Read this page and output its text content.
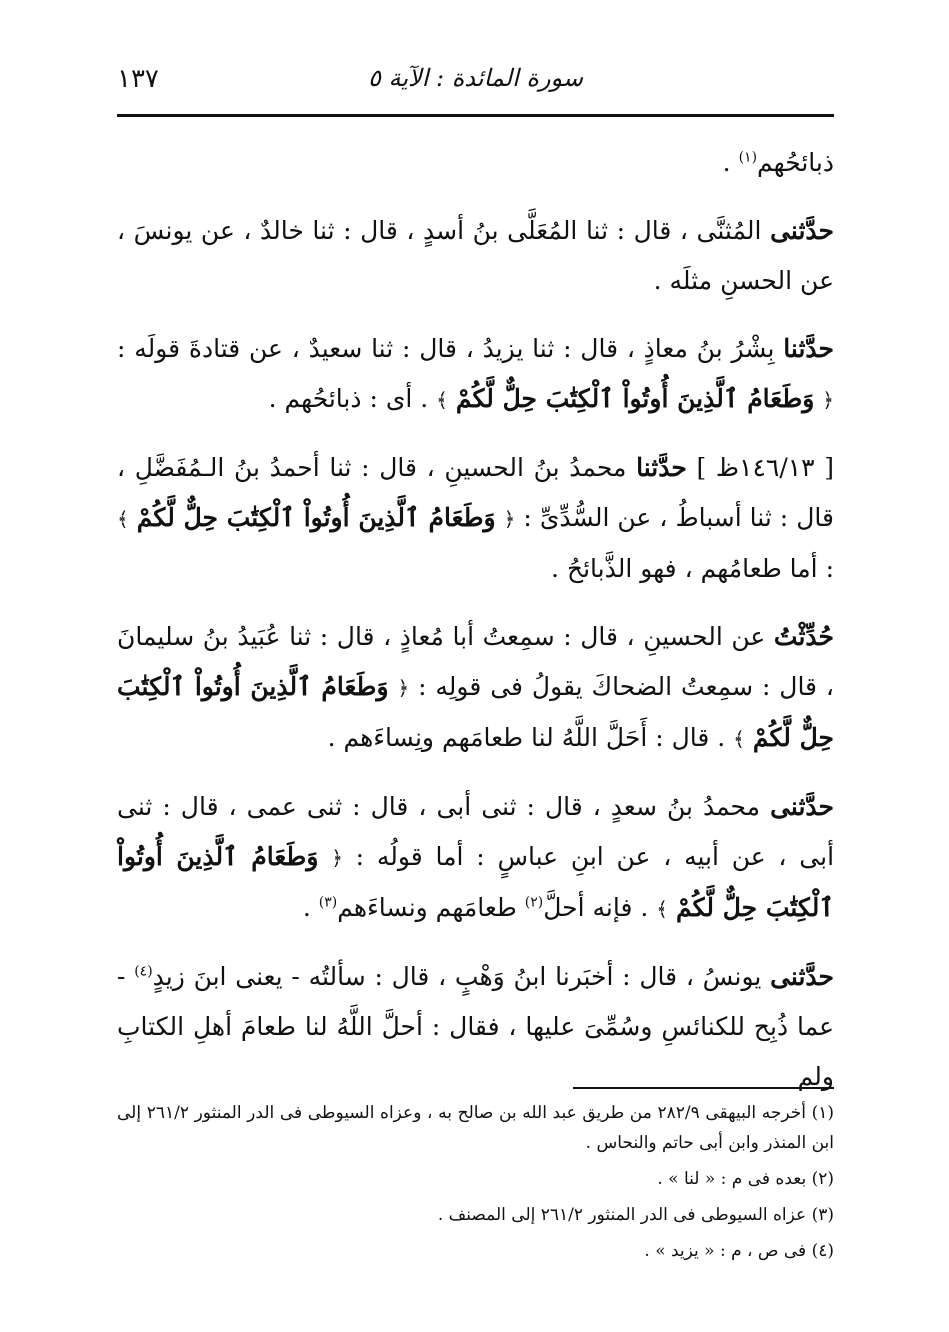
١٣٧	سورة المائدة : الآية ٥

ذبائحُهم$^{(١)}$ .

حدَّثنى المُثنَّى ، قال : ثنا المُعَلَّى بنُ أسدٍ ، قال : ثنا خالدٌ ، عن يونسَ ، عن الحسنِ مثلَه .

حدَّثنا بِشْرُ بنُ معاذٍ ، قال : ثنا يزيدُ ، قال : ثنا سعيدٌ ، عن قتادةَ قولَه : ﴿ وَطَعَامُ ٱلَّذِينَ أُوتُواْ ٱلْكِتَٰبَ حِلٌّ لَّكُمْ ﴾ . أى : ذبائحُهم .

[ ١٤٦/١٣ظ ] حدَّثنا محمدُ بنُ الحسينِ ، قال : ثنا أحمدُ بنُ الـمُفَضَّلِ ، قال : ثنا أسباطُ ، عن السُّدِّىِّ : ﴿ وَطَعَامُ ٱلَّذِينَ أُوتُواْ ٱلْكِتَٰبَ حِلٌّ لَّكُمْ ﴾ : أما طعامُهم ، فهو الذَّبائحُ .

حُدِّثْتُ عن الحسينِ ، قال : سمِعتُ أبا مُعاذٍ ، قال : ثنا عُبَيدُ بنُ سليمانَ ، قال : سمِعتُ الضحاكَ يقولُ فى قولِه : ﴿ وَطَعَامُ ٱلَّذِينَ أُوتُواْ ٱلْكِتَٰبَ حِلٌّ لَّكُمْ ﴾ . قال : أَحَلَّ اللَّهُ لنا طعامَهم ونِساءَهم .

حدَّثنى محمدُ بنُ سعدٍ ، قال : ثنى أبى ، قال : ثنى عمى ، قال : ثنى أبى ، عن أبيه ، عن ابنِ عباسٍ : أما قولُه : ﴿ وَطَعَامُ ٱلَّذِينَ أُوتُواْ ٱلْكِتَٰبَ حِلٌّ لَّكُمْ ﴾ . فإنه أحلَّ$^{(٢)}$ طعامَهم ونساءَهم$^{(٣)}$ .

حدَّثنى يونسُ ، قال : أخبَرنا ابنُ وَهْبٍ ، قال : سألتُه - يعنى ابنَ زيدٍ$^{(٤)}$ - عما ذُبِح للكنائسِ وسُمِّىَ عليها ، فقال : أحلَّ اللَّهُ لنا طعامَ أهلِ الكتابِ ولم

(١) أخرجه البيهقى ٢٨٢/٩ من طريق عبد الله بن صالح به ، وعزاه السيوطى فى الدر المنثور ٢٦١/٢ إلى ابن المنذر وابن أبى حاتم والنحاس .

(٢) بعده فى م : « لنا » .

(٣) عزاه السيوطى فى الدر المنثور ٢٦١/٢ إلى المصنف .

(٤) فى ص ، م : « يزيد » .
